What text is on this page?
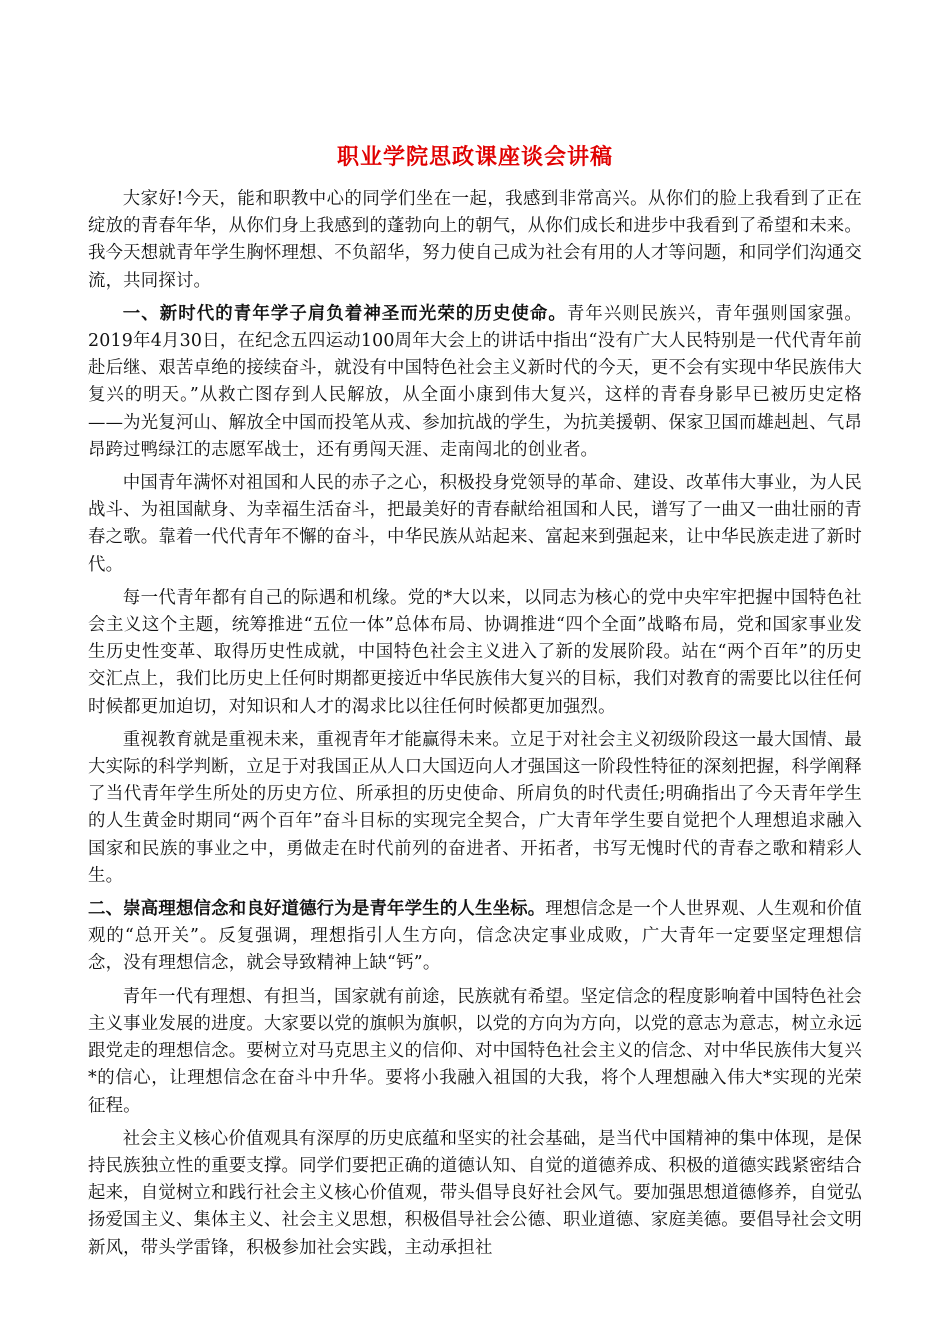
职业学院思政课座谈会讲稿

大家好!今天，能和职教中心的同学们坐在一起，我感到非常高兴。从你们的脸上我看到了正在绽放的青春年华，从你们身上我感到的蓬勃向上的朝气，从你们成长和进步中我看到了希望和未来。我今天想就青年学生胸怀理想、不负韶华，努力使自己成为社会有用的人才等问题，和同学们沟通交流，共同探讨。

一、新时代的青年学子肩负着神圣而光荣的历史使命。青年兴则民族兴，青年强则国家强。2019年4月30日，在纪念五四运动100周年大会上的讲话中指出“没有广大人民特别是一代代青年前赴后继、艰苦卓绝的接续奋斗，就没有中国特色社会主义新时代的今天，更不会有实现中华民族伟大复兴的明天。”从救亡图存到人民解放，从全面小康到伟大复兴，这样的青春身影早已被历史定格——为光复河山、解放全中国而投笔从戎、参加抗战的学生，为抗美援朝、保家卫国而雄赳赳、气昂昂跨过鸭绿江的志愿军战士，还有勇闯天涯、走南闯北的创业者。

中国青年满怀对祖国和人民的赤子之心，积极投身党领导的革命、建设、改革伟大事业，为人民战斗、为祖国献身、为幸福生活奋斗，把最美好的青春献给祖国和人民，谱写了一曲又一曲壮丽的青春之歌。靠着一代代青年不懈的奋斗，中华民族从站起来、富起来到强起来，让中华民族走进了新时代。

每一代青年都有自己的际遇和机缘。党的*大以来，以同志为核心的党中央牢牢把握中国特色社会主义这个主题，统筹推进“五位一体”总体布局、协调推进“四个全面”战略布局，党和国家事业发生历史性变革、取得历史性成就，中国特色社会主义进入了新的发展阶段。站在“两个百年”的历史交汇点上，我们比历史上任何时期都更接近中华民族伟大复兴的目标，我们对教育的需要比以往任何时候都更加迫切，对知识和人才的渴求比以往任何时候都更加强烈。

重视教育就是重视未来，重视青年才能赢得未来。立足于对社会主义初级阶段这一最大国情、最大实际的科学判断，立足于对我国正从人口大国迈向人才强国这一阶段性特征的深刻把握，科学阐释了当代青年学生所处的历史方位、所承担的历史使命、所肩负的时代责任;明确指出了今天青年学生的人生黄金时期同“两个百年”奋斗目标的实现完全契合，广大青年学生要自觉把个人理想追求融入国家和民族的事业之中，勇做走在时代前列的奋进者、开拓者，书写无愧时代的青春之歌和精彩人生。

二、崇高理想信念和良好道德行为是青年学生的人生坐标。理想信念是一个人世界观、人生观和价值观的“总开关”。反复强调，理想指引人生方向，信念决定事业成败，广大青年一定要坚定理想信念，没有理想信念，就会导致精神上缺“钙”。

青年一代有理想、有担当，国家就有前途，民族就有希望。坚定信念的程度影响着中国特色社会主义事业发展的进度。大家要以党的旗帜为旗帜，以党的方向为方向，以党的意志为意志，树立永远跟党走的理想信念。要树立对马克思主义的信仰、对中国特色社会主义的信念、对中华民族伟大复兴*的信心，让理想信念在奋斗中升华。要将小我融入祖国的大我，将个人理想融入伟大*实现的光荣征程。

社会主义核心价值观具有深厚的历史底蕴和坚实的社会基础，是当代中国精神的集中体现，是保持民族独立性的重要支撑。同学们要把正确的道德认知、自觉的道德养成、积极的道德实践紧密结合起来，自觉树立和践行社会主义核心价值观，带头倡导良好社会风气。要加强思想道德修养，自觉弘扬爱国主义、集体主义、社会主义思想，积极倡导社会公德、职业道德、家庭美德。要倡导社会文明新风，带头学雷锋，积极参加社会实践，主动承担社
